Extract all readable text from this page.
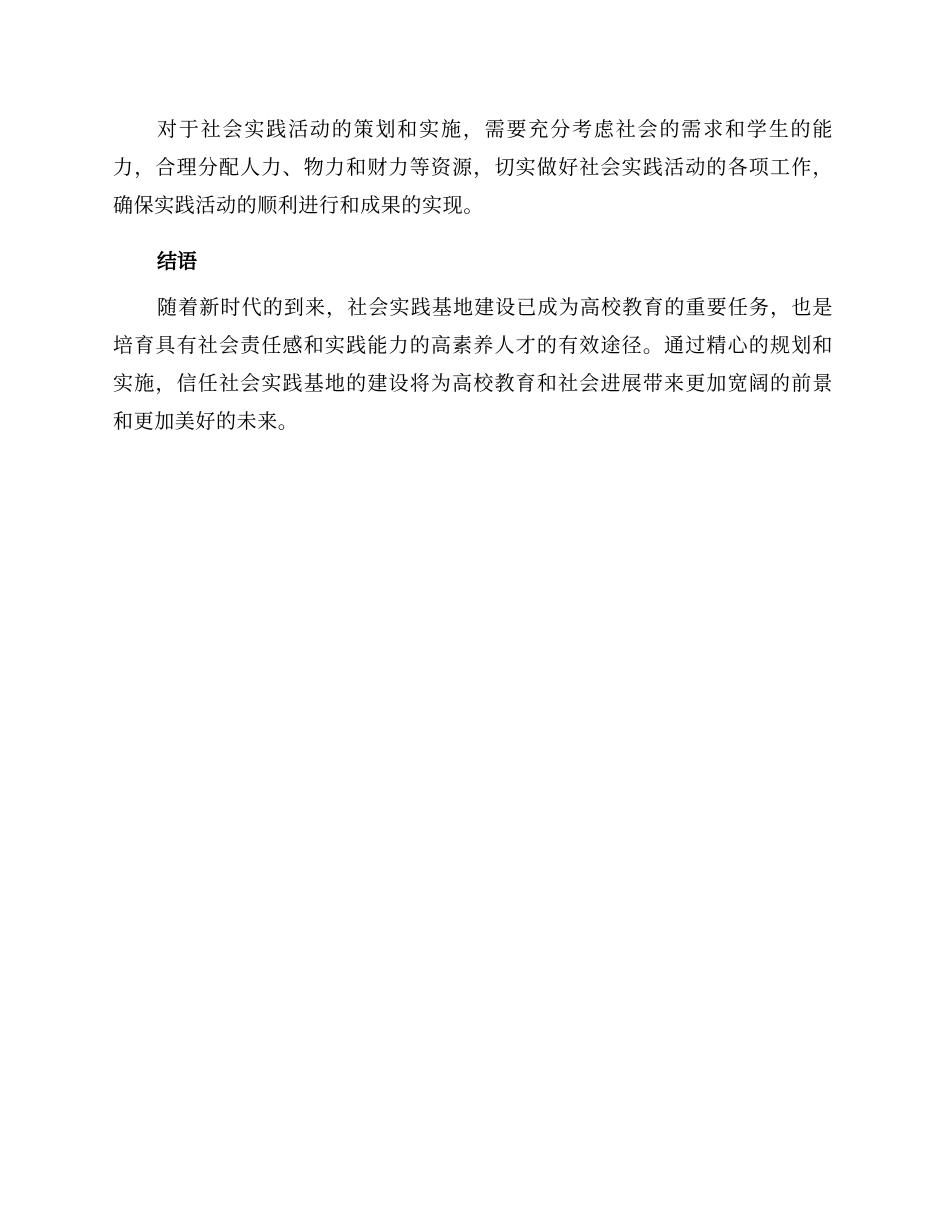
对于社会实践活动的策划和实施，需要充分考虑社会的需求和学生的能力，合理分配人力、物力和财力等资源，切实做好社会实践活动的各项工作，确保实践活动的顺利进行和成果的实现。

结语

随着新时代的到来，社会实践基地建设已成为高校教育的重要任务，也是培育具有社会责任感和实践能力的高素养人才的有效途径。通过精心的规划和实施，信任社会实践基地的建设将为高校教育和社会进展带来更加宽阔的前景和更加美好的未来。
